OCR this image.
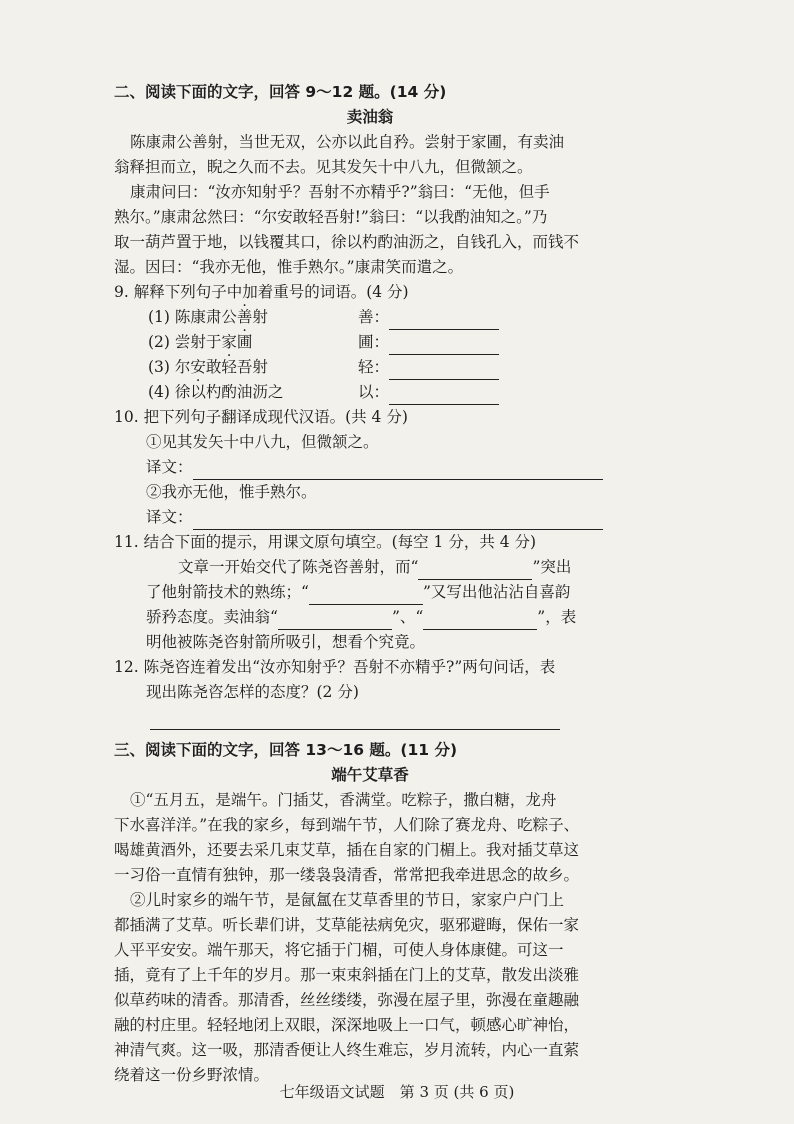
二、阅读下面的文字，回答 9～12 题。(14 分)
卖油翁
陈康肃公善射，当世无双，公亦以此自矜。尝射于家圃，有卖油
翁释担而立，睨之久而不去。见其发矢十中八九，但微颔之。
康肃问曰：“汝亦知射乎？吾射不亦精乎?”翁曰：“无他，但手
熟尔。”康肃忿然曰：“尔安敢轻吾射!”翁曰：“以我酌油知之。”乃
取一葫芦置于地，以钱覆其口，徐以杓酌油沥之，自钱孔入，而钱不
湿。因曰：“我亦无他，惟手熟尔。”康肃笑而遣之。
9. 解释下列句子中加着重号的词语。(4 分)
(1) 陈康肃公善射	善：
(2) 尝射于家圃	圃：
(3) 尔安敢轻吾射	轻：
(4) 徐以杓酌油沥之	以：
10. 把下列句子翻译成现代汉语。(共 4 分)
①见其发矢十中八九，但微颔之。
译文：
②我亦无他，惟手熟尔。
译文：
11. 结合下面的提示，用课文原句填空。(每空 1 分，共 4 分)
文章一开始交代了陈尧咨善射，而“	”突出
了他射箭技术的熟练；“	”又写出他沾沾自喜韵
骄矜态度。卖油翁“	”、“	”，表
明他被陈尧咨射箭所吸引，想看个究竟。
12. 陈尧咨连着发出“汝亦知射乎？吾射不亦精乎?”两句问话，表
现出陈尧咨怎样的态度？(2 分)
三、阅读下面的文字，回答 13～16 题。(11 分)
端午艾草香
①“五月五，是端午。门插艾，香满堂。吃粽子，撒白糖，龙舟
下水喜洋洋。”在我的家乡，每到端午节，人们除了赛龙舟、吃粽子、
喝雄黄酒外，还要去采几束艾草，插在自家的门楣上。我对插艾草这
一习俗一直情有独钟，那一缕袅袅清香，常常把我牵进思念的故乡。
②儿时家乡的端午节，是氤氲在艾草香里的节日，家家户户门上
都插满了艾草。听长辈们讲，艾草能祛病免灾，驱邪避晦，保佑一家
人平平安安。端午那天，将它插于门楣，可使人身体康健。可这一
插，竟有了上千年的岁月。那一束束斜插在门上的艾草，散发出淡雅
似草药味的清香。那清香，丝丝缕缕，弥漫在屋子里，弥漫在童趣融
融的村庄里。轻轻地闭上双眼，深深地吸上一口气，顿感心旷神怡，
神清气爽。这一吸，那清香便让人终生难忘，岁月流转，内心一直萦
绕着这一份乡野浓情。
七年级语文试题　第 3 页 (共 6 页)
